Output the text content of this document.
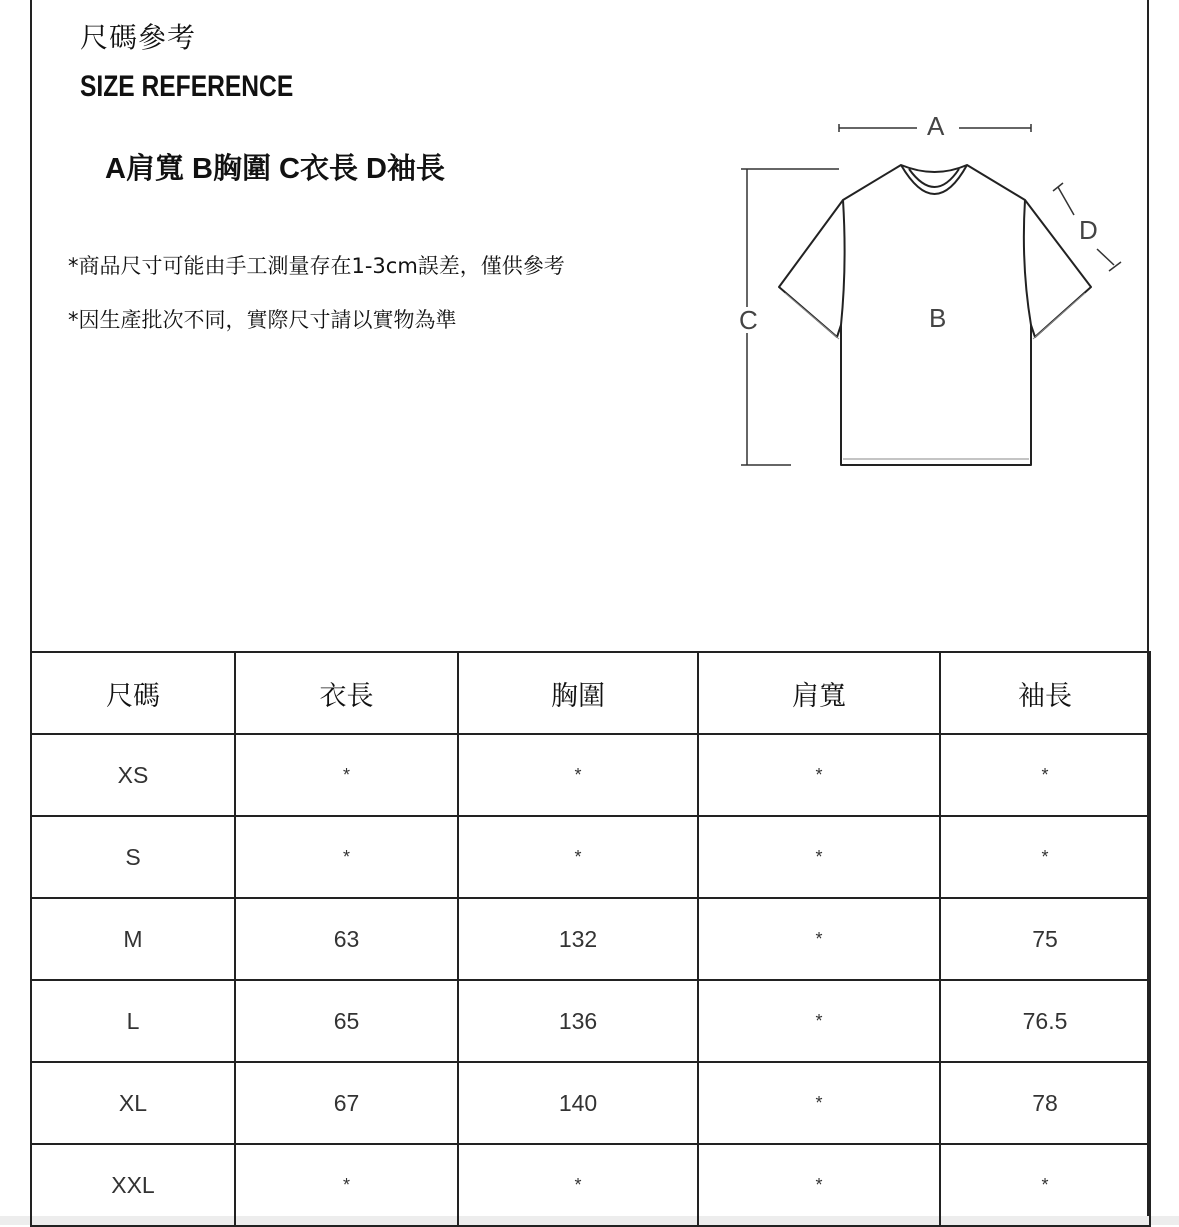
尺碼參考
SIZE REFERENCE
A肩寬 B胸圍 C衣長 D袖長
*商品尺寸可能由手工測量存在1-3cm誤差，僅供參考
*因生產批次不同，實際尺寸請以實物為準
A
C	B
D
尺碼	衣長	胸圍	肩寬	袖長
XS	*	*	*	*
S	*	*	*	*
M	63	132	*	75
L	65	136	*	76.5
XL	67	140	*	78
XXL	*	*	*	*
